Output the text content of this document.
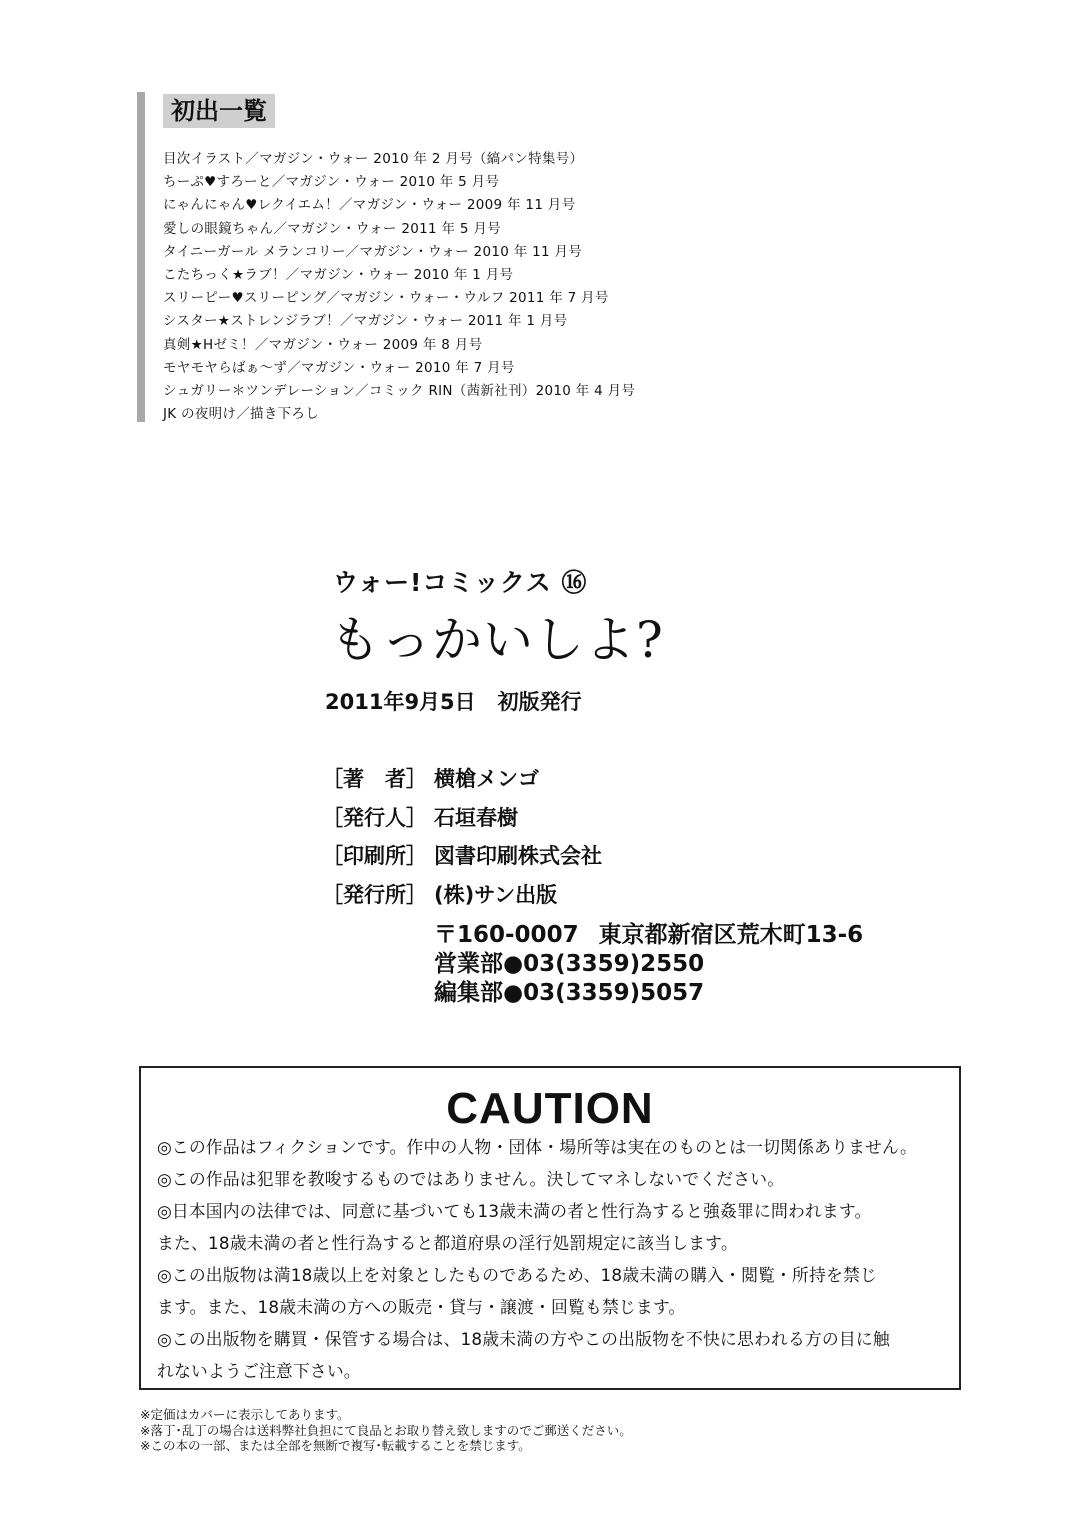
初出一覧
目次イラスト／マガジン・ウォー 2010 年 2 月号（縞パン特集号）
ちーぷ♥すろーと／マガジン・ウォー 2010 年 5 月号
にゃんにゃん♥レクイエム！／マガジン・ウォー 2009 年 11 月号
愛しの眼鏡ちゃん／マガジン・ウォー 2011 年 5 月号
タイニーガール メランコリー／マガジン・ウォー 2010 年 11 月号
こたちっく★ラブ！／マガジン・ウォー 2010 年 1 月号
スリーピー♥スリーピング／マガジン・ウォー・ウルフ 2011 年 7 月号
シスター★ストレンジラブ！／マガジン・ウォー 2011 年 1 月号
真剣★Hゼミ！／マガジン・ウォー 2009 年 8 月号
モヤモヤらばぁ～ず／マガジン・ウォー 2010 年 7 月号
シュガリー＊ツンデレーション／コミック RIN（茜新社刊）2010 年 4 月号
JK の夜明け／描き下ろし
ウォー!コミックス ⑯
もっかいしよ?
2011年9月5日 初版発行
［著　者］ 横槍メンゴ
［発行人］ 石垣春樹
［印刷所］ 図書印刷株式会社
［発行所］ (株)サン出版
〒160-0007 東京都新宿区荒木町13-6
営業部●03(3359)2550
編集部●03(3359)5057
CAUTION
◎この作品はフィクションです。作中の人物・団体・場所等は実在のものとは一切関係ありません。
◎この作品は犯罪を教唆するものではありません。決してマネしないでください。
◎日本国内の法律では、同意に基づいても13歳未満の者と性行為すると強姦罪に問われます。
また、18歳未満の者と性行為すると都道府県の淫行処罰規定に該当します。
◎この出版物は満18歳以上を対象としたものであるため、18歳未満の購入・閲覧・所持を禁じ
ます。また、18歳未満の方への販売・貸与・譲渡・回覧も禁じます。
◎この出版物を購買・保管する場合は、18歳未満の方やこの出版物を不快に思われる方の目に触
れないようご注意下さい。
※定価はカバーに表示してあります。
※落丁･乱丁の場合は送料弊社負担にて良品とお取り替え致しますのでご郵送ください。
※この本の一部、または全部を無断で複写･転載することを禁じます。
